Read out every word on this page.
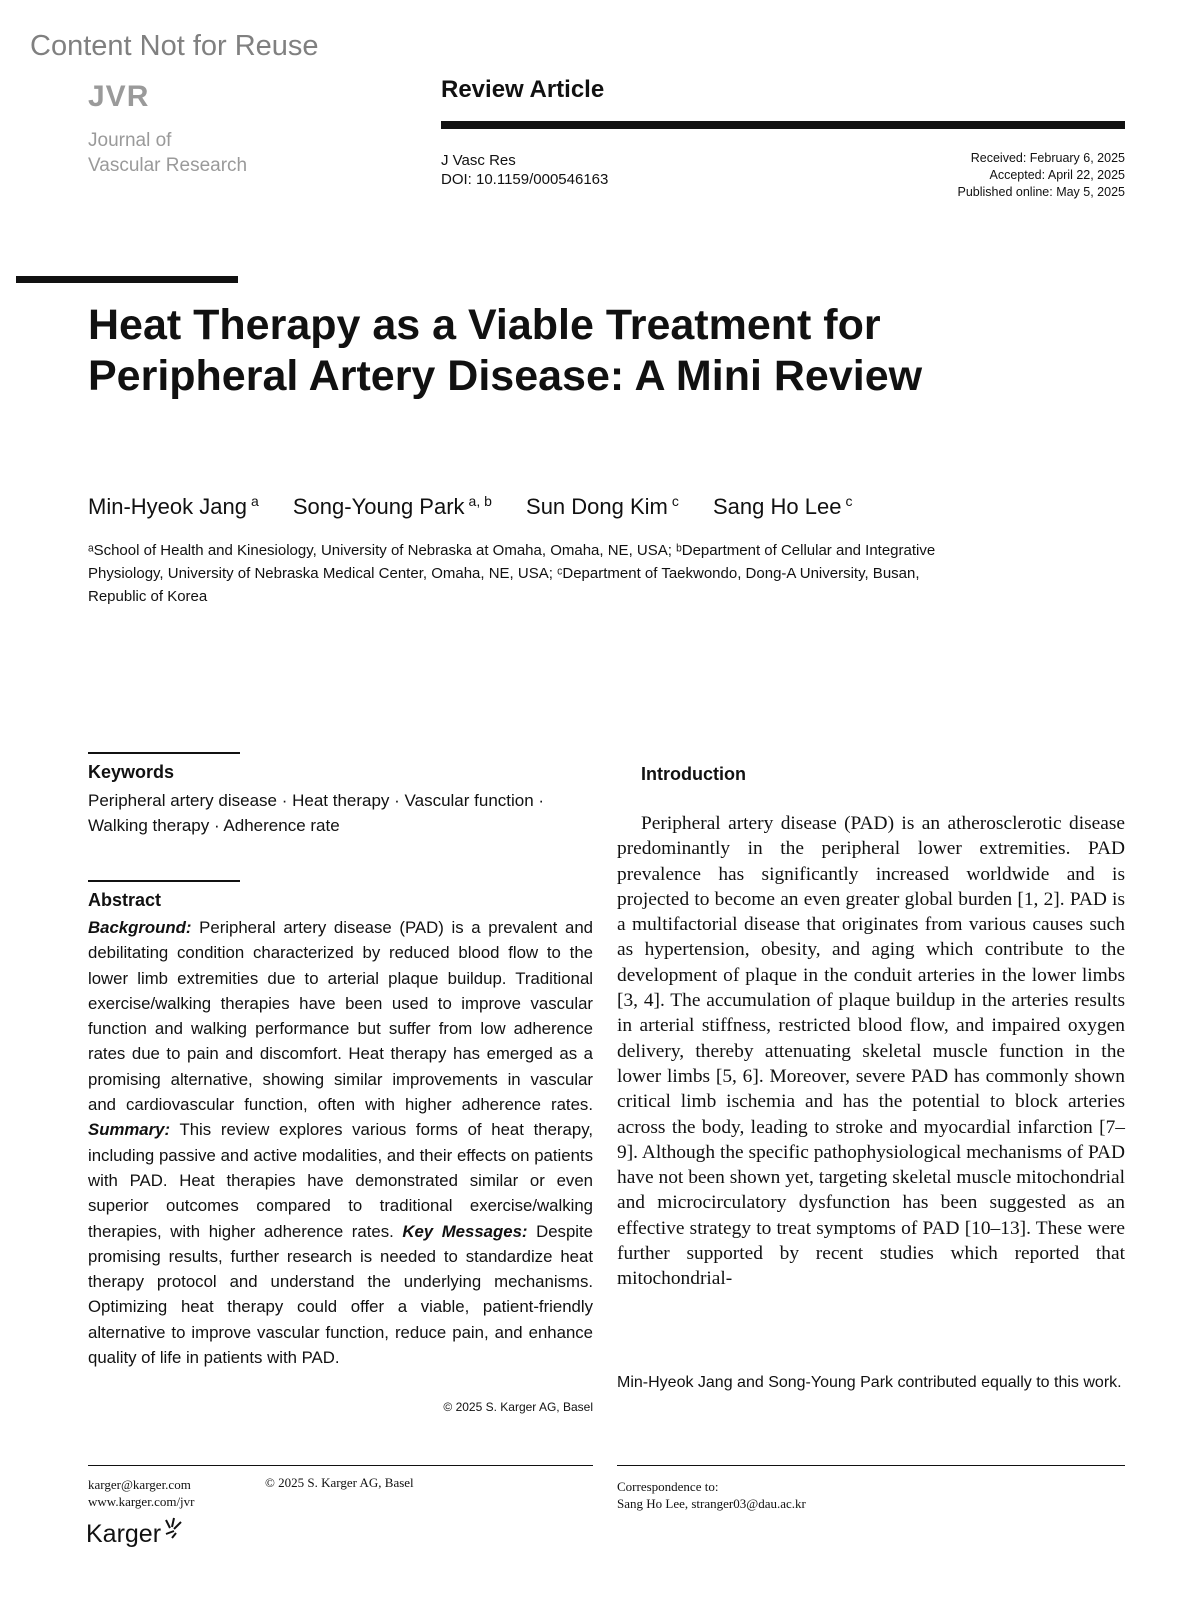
Content Not for Reuse
JVR
Journal of
Vascular Research
Review Article
J Vasc Res
DOI: 10.1159/000546163
Received: February 6, 2025
Accepted: April 22, 2025
Published online: May 5, 2025
Heat Therapy as a Viable Treatment for Peripheral Artery Disease: A Mini Review
Min-Hyeok Jang $^a$ Song-Young Park $^{a, b}$ Sun Dong Kim $^c$ Sang Ho Lee $^c$
ᵃSchool of Health and Kinesiology, University of Nebraska at Omaha, Omaha, NE, USA; ᵇDepartment of Cellular and Integrative Physiology, University of Nebraska Medical Center, Omaha, NE, USA; ᶜDepartment of Taekwondo, Dong-A University, Busan, Republic of Korea
Keywords
Peripheral artery disease · Heat therapy · Vascular function · Walking therapy · Adherence rate
Abstract
Background: Peripheral artery disease (PAD) is a prevalent and debilitating condition characterized by reduced blood flow to the lower limb extremities due to arterial plaque buildup. Traditional exercise/walking therapies have been used to improve vascular function and walking performance but suffer from low adherence rates due to pain and discomfort. Heat therapy has emerged as a promising alternative, showing similar improvements in vascular and cardiovascular function, often with higher adherence rates. Summary: This review explores various forms of heat therapy, including passive and active modalities, and their effects on patients with PAD. Heat therapies have demonstrated similar or even superior outcomes compared to traditional exercise/walking therapies, with higher adherence rates. Key Messages: Despite promising results, further research is needed to standardize heat therapy protocol and understand the underlying mechanisms. Optimizing heat therapy could offer a viable, patient-friendly alternative to improve vascular function, reduce pain, and enhance quality of life in patients with PAD.
© 2025 S. Karger AG, Basel
Introduction
Peripheral artery disease (PAD) is an atherosclerotic disease predominantly in the peripheral lower extremities. PAD prevalence has significantly increased worldwide and is projected to become an even greater global burden [1, 2]. PAD is a multifactorial disease that originates from various causes such as hypertension, obesity, and aging which contribute to the development of plaque in the conduit arteries in the lower limbs [3, 4]. The accumulation of plaque buildup in the arteries results in arterial stiffness, restricted blood flow, and impaired oxygen delivery, thereby attenuating skeletal muscle function in the lower limbs [5, 6]. Moreover, severe PAD has commonly shown critical limb ischemia and has the potential to block arteries across the body, leading to stroke and myocardial infarction [7–9]. Although the specific pathophysiological mechanisms of PAD have not been shown yet, targeting skeletal muscle mitochondrial and microcirculatory dysfunction has been suggested as an effective strategy to treat symptoms of PAD [10–13]. These were further supported by recent studies which reported that mitochondrial-
Min-Hyeok Jang and Song-Young Park contributed equally to this work.
karger@karger.com
www.karger.com/jvr
© 2025 S. Karger AG, Basel	Correspondence to:
Sang Ho Lee, stranger03@dau.ac.kr
Karger
